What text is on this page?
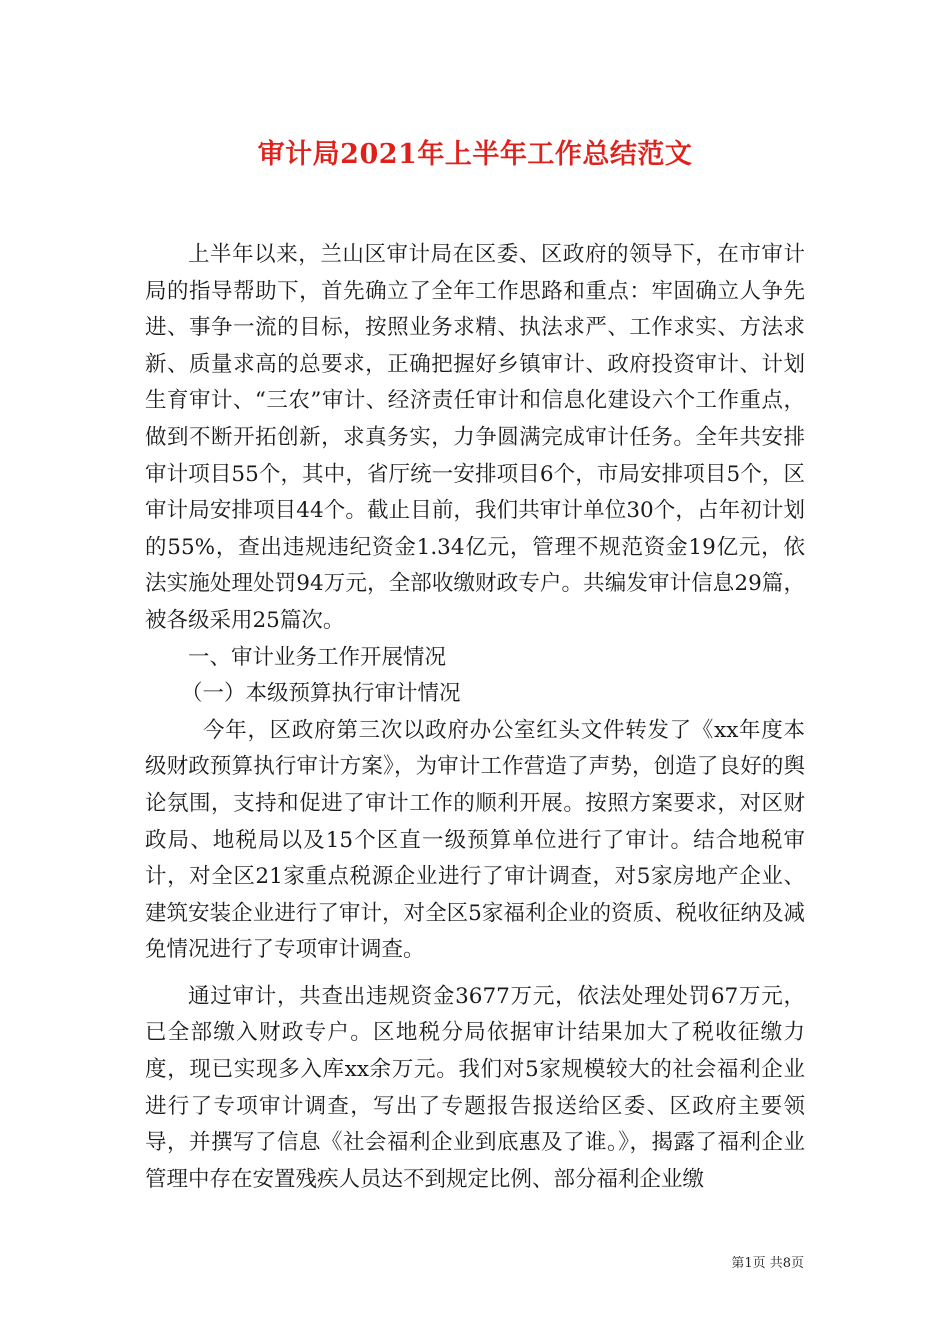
审计局2021年上半年工作总结范文

上半年以来，兰山区审计局在区委、区政府的领导下，在市审计局的指导帮助下，首先确立了全年工作思路和重点：牢固确立人争先进、事争一流的目标，按照业务求精、执法求严、工作求实、方法求新、质量求高的总要求，正确把握好乡镇审计、政府投资审计、计划生育审计、“三农”审计、经济责任审计和信息化建设六个工作重点，做到不断开拓创新，求真务实，力争圆满完成审计任务。全年共安排审计项目55个，其中，省厅统一安排项目6个，市局安排项目5个，区审计局安排项目44个。截止目前，我们共审计单位30个，占年初计划的55%，查出违规违纪资金1.34亿元，管理不规范资金19亿元，依法实施处理处罚94万元，全部收缴财政专户。共编发审计信息29篇，被各级采用25篇次。

一、审计业务工作开展情况

（一）本级预算执行审计情况

今年，区政府第三次以政府办公室红头文件转发了《xx年度本级财政预算执行审计方案》，为审计工作营造了声势，创造了良好的舆论氛围，支持和促进了审计工作的顺利开展。按照方案要求，对区财政局、地税局以及15个区直一级预算单位进行了审计。结合地税审计，对全区21家重点税源企业进行了审计调查，对5家房地产企业、建筑安装企业进行了审计，对全区5家福利企业的资质、税收征纳及减免情况进行了专项审计调查。

通过审计，共查出违规资金3677万元，依法处理处罚67万元，已全部缴入财政专户。区地税分局依据审计结果加大了税收征缴力度，现已实现多入库xx余万元。我们对5家规模较大的社会福利企业进行了专项审计调查，写出了专题报告报送给区委、区政府主要领导，并撰写了信息《社会福利企业到底惠及了谁。》，揭露了福利企业管理中存在安置残疾人员达不到规定比例、部分福利企业缴

第1页 共8页
